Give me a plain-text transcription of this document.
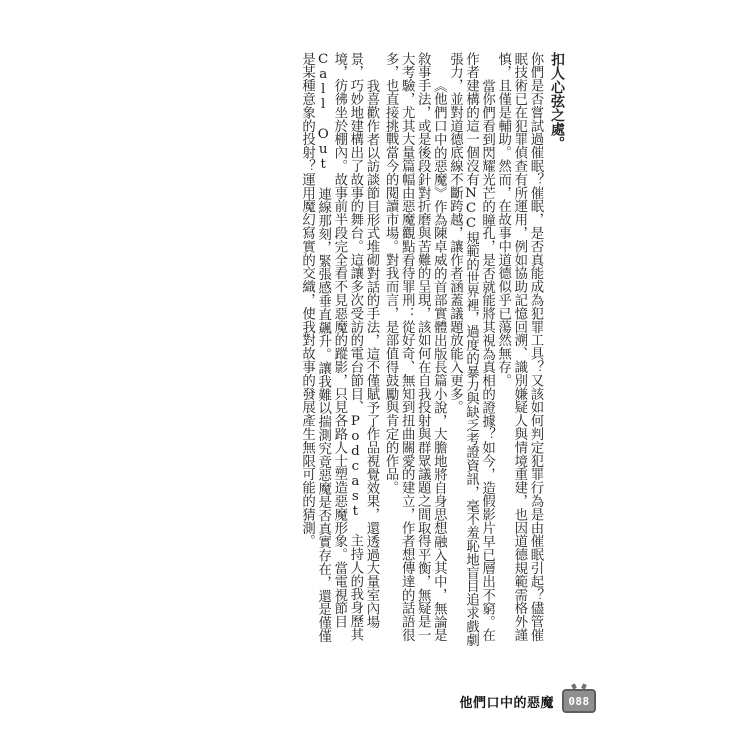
扣人心弦之處。

你們是否嘗試過催眠？催眠，是否真能成為犯罪工具？又該如何判定犯罪行為是由催眠引起？儘管催眠技術已在犯罪偵查有所運用，例如協助記憶回溯、識別嫌疑人與情境重建，也因道德規範需格外謹慎，且僅是輔助。然而，在故事中道德似乎已蕩然無存。

當你們看到閃耀光芒的瞳孔，是否就能將其視為真相的證據？如今，造假影片早已層出不窮。在作者建構的這一個沒有NCC規範的世界裡，過度的暴力與缺乏考證資訊，毫不羞恥地盲目追求戲劇張力，並對道德底線不斷跨越，讓作者涵蓋議題放能入更多。

《他們口中的惡魔》作為陳卓威的首部實體出版長篇小說，大膽地將自身思想融入其中，無論是敘事手法，或是後段針對折磨與苦難的呈現，該如何在自我投射與群眾議題之間取得平衡，無疑是一大考驗，尤其大量篇幅由惡魔觀點看待罪刑：從好奇、無知到扭曲關愛的建立，作者想傳達的話語很多，也直接挑戰當今的閱讀市場。對我而言，是部值得鼓勵與肯定的作品。

我喜歡作者以訪談節目形式堆砌對話的手法，這不僅賦予了作品視覺效果，還透過大量室內場景，巧妙地建構出了故事的舞台。這讓多次受訪的電台節目、Podcast 主持人的我身歷其境，彷彿坐於棚內。故事前半段完全看不見惡魔的蹤影，只見各路人士塑造惡魔形象。當電視節目 Call Out 連線那刻，緊張感垂直飆升。讓我難以揣測究竟惡魔是否真實存在，還是僅僅是某種意象的投射？運用魔幻寫實的交織，使我對故事的發展產生無限可能的猜測。

他們口中的惡魔 088
